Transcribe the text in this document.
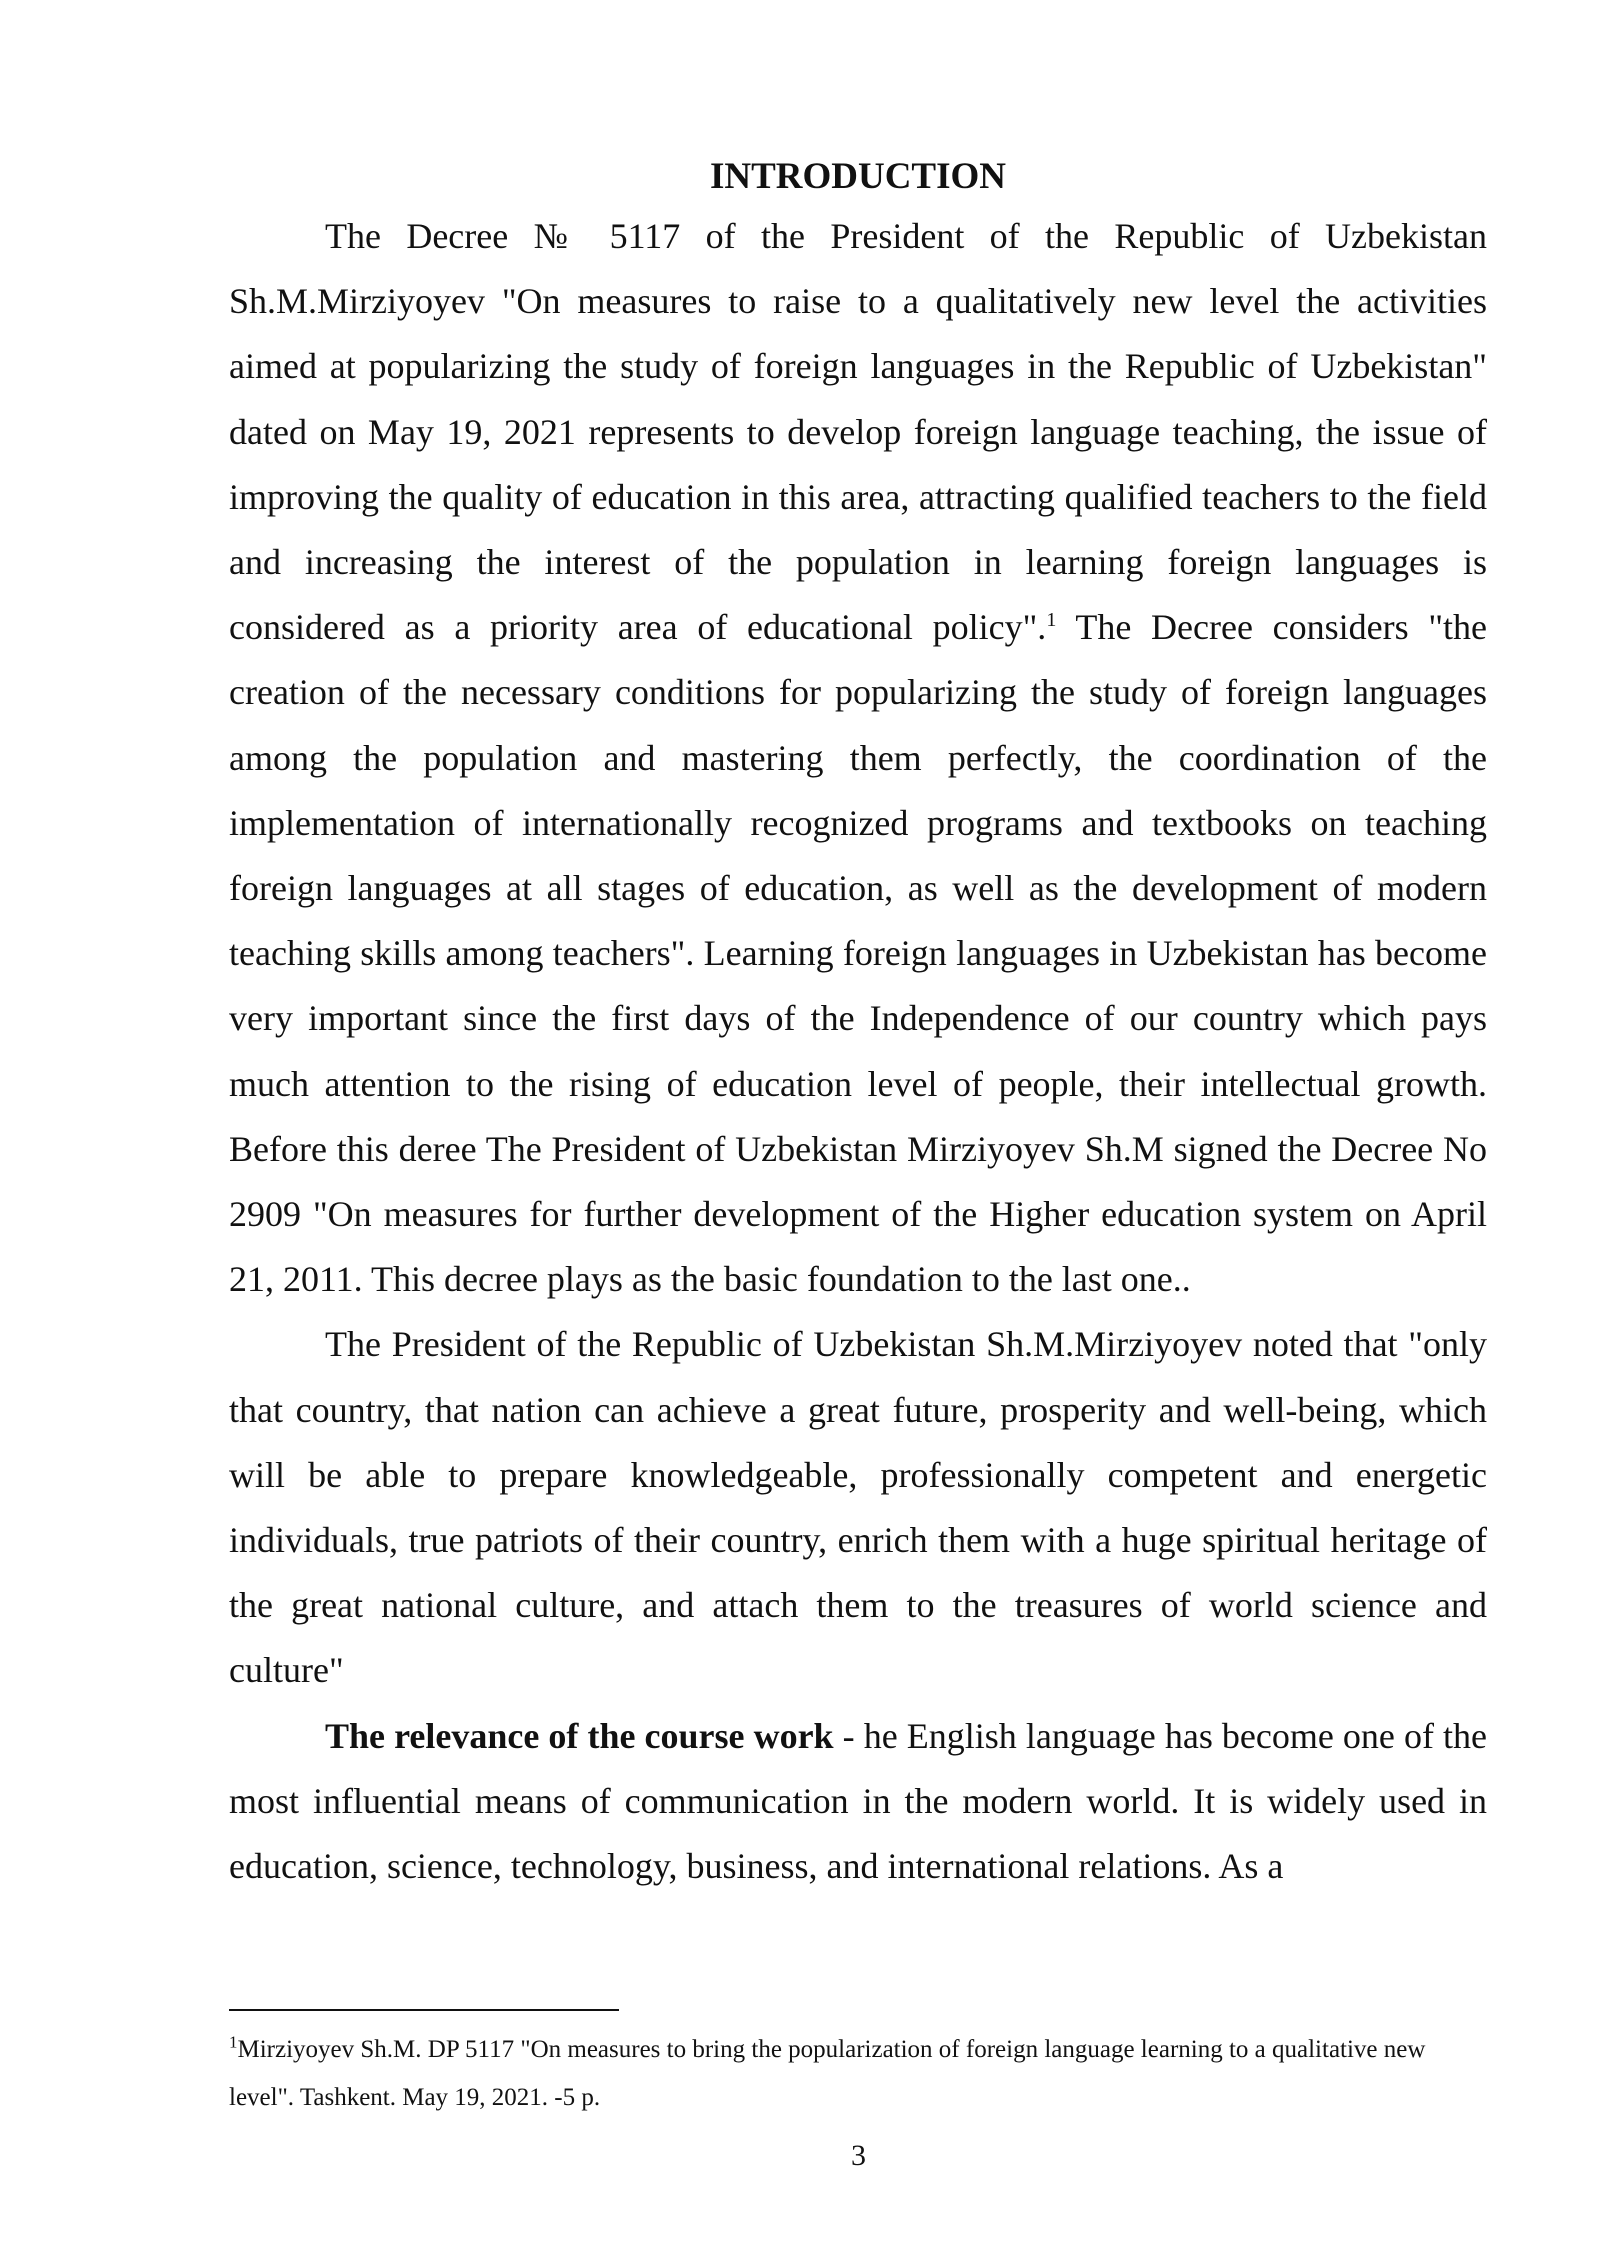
INTRODUCTION

The Decree № 5117 of the President of the Republic of Uzbekistan Sh.M.Mirziyoyev "On measures to raise to a qualitatively new level the activities aimed at popularizing the study of foreign languages in the Republic of Uzbekistan" dated on May 19, 2021 represents to develop foreign language teaching, the issue of improving the quality of education in this area, attracting qualified teachers to the field and increasing the interest of the population in learning foreign languages is considered as a priority area of educational policy".$^1$ The Decree considers "the creation of the necessary conditions for popularizing the study of foreign languages among the population and mastering them perfectly, the coordination of the implementation of internationally recognized programs and textbooks on teaching foreign languages at all stages of education, as well as the development of modern teaching skills among teachers". Learning foreign languages in Uzbekistan has become very important since the first days of the Independence of our country which pays much attention to the rising of education level of people, their intellectual growth. Before this deree The President of Uzbekistan Mirziyoyev Sh.M signed the Decree No 2909 "On measures for further development of the Higher education system on April 21, 2011. This decree plays as the basic foundation to the last one..

The President of the Republic of Uzbekistan Sh.M.Mirziyoyev noted that "only that country, that nation can achieve a great future, prosperity and well-being, which will be able to prepare knowledgeable, professionally competent and energetic individuals, true patriots of their country, enrich them with a huge spiritual heritage of the great national culture, and attach them to the treasures of world science and culture"

The relevance of the course work - he English language has become one of the most influential means of communication in the modern world. It is widely used in education, science, technology, business, and international relations. As a

$^1$Mirziyoyev Sh.M. DP 5117 "On measures to bring the popularization of foreign language learning to a qualitative new level". Tashkent. May 19, 2021. -5 p.

3
